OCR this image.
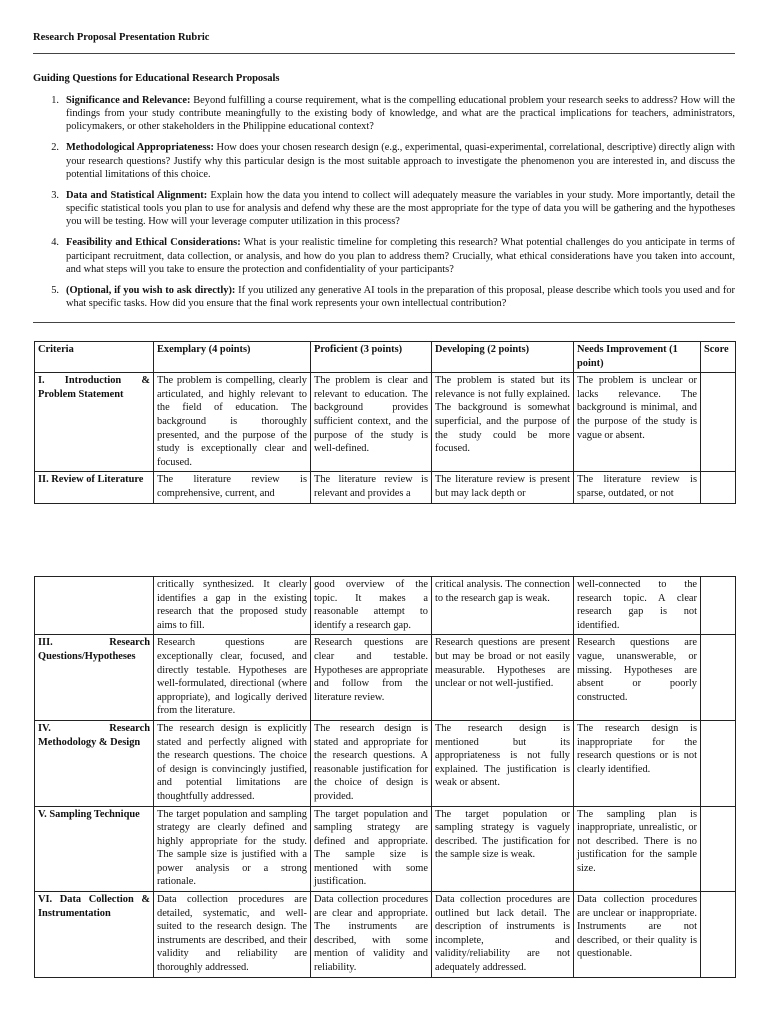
Research Proposal Presentation Rubric
Guiding Questions for Educational Research Proposals
1. Significance and Relevance: Beyond fulfilling a course requirement, what is the compelling educational problem your research seeks to address? How will the findings from your study contribute meaningfully to the existing body of knowledge, and what are the practical implications for teachers, administrators, policymakers, or other stakeholders in the Philippine educational context?
2. Methodological Appropriateness: How does your chosen research design (e.g., experimental, quasi-experimental, correlational, descriptive) directly align with your research questions? Justify why this particular design is the most suitable approach to investigate the phenomenon you are interested in, and discuss the potential limitations of this choice.
3. Data and Statistical Alignment: Explain how the data you intend to collect will adequately measure the variables in your study. More importantly, detail the specific statistical tools you plan to use for analysis and defend why these are the most appropriate for the type of data you will be gathering and the hypotheses you will be testing. How will your leverage computer utilization in this process?
4. Feasibility and Ethical Considerations: What is your realistic timeline for completing this research? What potential challenges do you anticipate in terms of participant recruitment, data collection, or analysis, and how do you plan to address them? Crucially, what ethical considerations have you taken into account, and what steps will you take to ensure the protection and confidentiality of your participants?
5. (Optional, if you wish to ask directly): If you utilized any generative AI tools in the preparation of this proposal, please describe which tools you used and for what specific tasks. How did you ensure that the final work represents your own intellectual contribution?
Criteria	Exemplary (4 points)	Proficient (3 points)	Developing (2 points)	Needs Improvement (1 point)	Score
I. Introduction & Problem Statement	The problem is compelling, clearly articulated, and highly relevant to the field of education. The background is thoroughly presented, and the purpose of the study is exceptionally clear and focused.	The problem is clear and relevant to education. The background provides sufficient context, and the purpose of the study is well-defined.	The problem is stated but its relevance is not fully explained. The background is somewhat superficial, and the purpose of the study could be more focused.	The problem is unclear or lacks relevance. The background is minimal, and the purpose of the study is vague or absent.	
II. Review of Literature	The literature review is comprehensive, current, and	The literature review is relevant and provides a	The literature review is present but may lack depth or	The literature review is sparse, outdated, or not	
	critically synthesized. It clearly identifies a gap in the existing research that the proposed study aims to fill.	good overview of the topic. It makes a reasonable attempt to identify a research gap.	critical analysis. The connection to the research gap is weak.	well-connected to the research topic. A clear research gap is not identified.	
III. Research Questions/Hypotheses	Research questions are exceptionally clear, focused, and directly testable. Hypotheses are well-formulated, directional (where appropriate), and logically derived from the literature.	Research questions are clear and testable. Hypotheses are appropriate and follow from the literature review.	Research questions are present but may be broad or not easily measurable. Hypotheses are unclear or not well-justified.	Research questions are vague, unanswerable, or missing. Hypotheses are absent or poorly constructed.	
IV. Research Methodology & Design	The research design is explicitly stated and perfectly aligned with the research questions. The choice of design is convincingly justified, and potential limitations are thoughtfully addressed.	The research design is stated and appropriate for the research questions. A reasonable justification for the choice of design is provided.	The research design is mentioned but its appropriateness is not fully explained. The justification is weak or absent.	The research design is inappropriate for the research questions or is not clearly identified.	
V. Sampling Technique	The target population and sampling strategy are clearly defined and highly appropriate for the study. The sample size is justified with a power analysis or a strong rationale.	The target population and sampling strategy are defined and appropriate. The sample size is mentioned with some justification.	The target population or sampling strategy is vaguely described. The justification for the sample size is weak.	The sampling plan is inappropriate, unrealistic, or not described. There is no justification for the sample size.	
VI. Data Collection & Instrumentation	Data collection procedures are detailed, systematic, and well-suited to the research design. The instruments are described, and their validity and reliability are thoroughly addressed.	Data collection procedures are clear and appropriate. The instruments are described, with some mention of validity and reliability.	Data collection procedures are outlined but lack detail. The description of instruments is incomplete, and validity/reliability are not adequately addressed.	Data collection procedures are unclear or inappropriate. Instruments are not described, or their quality is questionable.	
